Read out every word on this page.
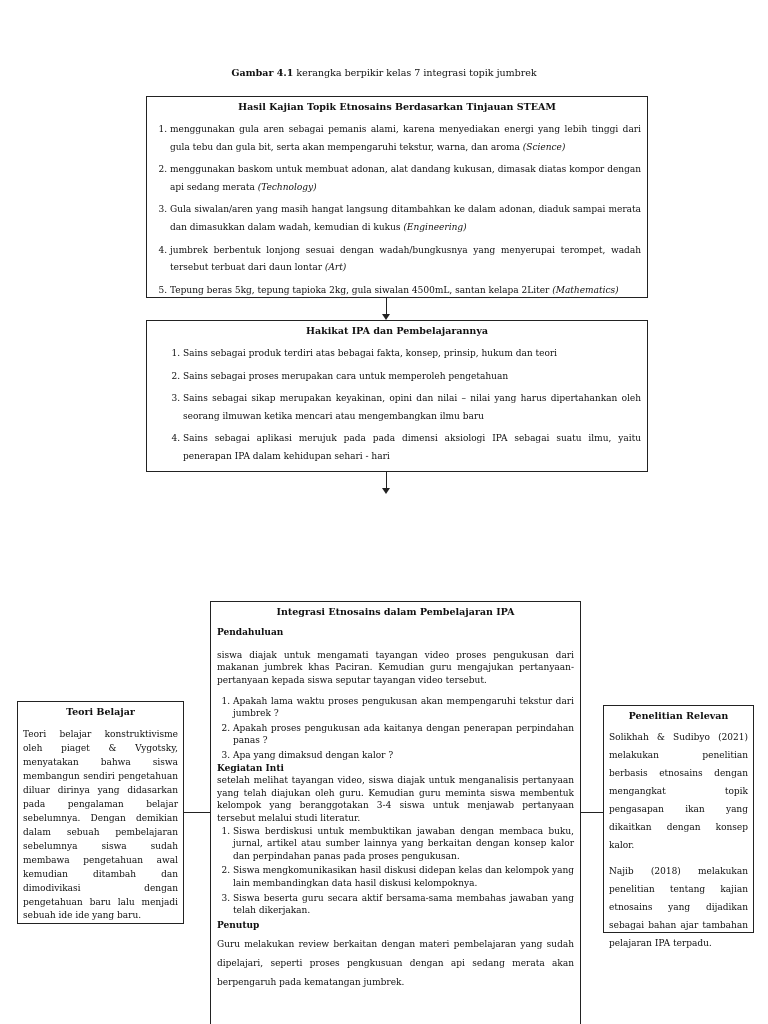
Gambar 4.1 kerangka berpikir kelas 7 integrasi topik jumbrek
Hasil Kajian Topik Etnosains Berdasarkan Tinjauan STEAM
1. menggunakan gula aren sebagai pemanis alami, karena menyediakan energi yang lebih tinggi dari gula tebu dan gula bit, serta akan mempengaruhi tekstur, warna, dan aroma (Science)
2. menggunakan baskom untuk membuat adonan, alat dandang kukusan, dimasak diatas kompor dengan api sedang merata (Technology)
3. Gula siwalan/aren yang masih hangat langsung ditambahkan ke dalam adonan, diaduk sampai merata dan dimasukkan dalam wadah, kemudian di kukus (Engineering)
4. jumbrek berbentuk lonjong sesuai dengan wadah/bungkusnya yang menyerupai terompet, wadah tersebut terbuat dari daun lontar (Art)
5. Tepung beras 5kg, tepung tapioka 2kg, gula siwalan 4500mL, santan kelapa 2Liter (Mathematics)
Hakikat IPA dan Pembelajarannya
1. Sains sebagai produk terdiri atas bebagai fakta, konsep, prinsip, hukum dan teori
2. Sains sebagai proses merupakan cara untuk memperoleh pengetahuan
3. Sains sebagai sikap merupakan keyakinan, opini dan nilai – nilai yang harus dipertahankan oleh seorang ilmuwan ketika mencari atau mengembangkan ilmu baru
4. Sains sebagai aplikasi merujuk pada pada dimensi aksiologi IPA sebagai suatu ilmu, yaitu penerapan IPA dalam kehidupan sehari - hari
Teori Belajar

Teori belajar konstruktivisme oleh piaget & Vygotsky, menyatakan bahwa siswa membangun sendiri pengetahuan diluar dirinya yang didasarkan pada pengalaman belajar sebelumnya. Dengan demikian dalam sebuah pembelajaran sebelumnya siswa sudah membawa pengetahuan awal kemudian ditambah dan dimodivikasi dengan pengetahuan baru lalu menjadi sebuah ide ide yang baru.

Integrasi Etnosains dalam Pembelajaran IPA

Pendahuluan

siswa diajak untuk mengamati tayangan video proses pengukusan dari makanan jumbrek khas Paciran. Kemudian guru mengajukan pertanyaan-pertanyaan kepada siswa seputar tayangan video tersebut.

1. Apakah lama waktu proses pengukusan akan mempengaruhi tekstur dari jumbrek ?
2. Apakah proses pengukusan ada kaitanya dengan penerapan perpindahan panas ?
3. Apa yang dimaksud dengan kalor ?

Kegiatan Inti

setelah melihat tayangan video, siswa diajak untuk menganalisis pertanyaan yang telah diajukan oleh guru. Kemudian guru meminta siswa membentuk kelompok yang beranggotakan 3-4 siswa untuk menjawab pertanyaan tersebut melalui studi literatur.

1. Siswa berdiskusi untuk membuktikan jawaban dengan membaca buku, jurnal, artikel atau sumber lainnya yang berkaitan dengan konsep kalor dan perpindahan panas pada proses pengukusan.
2. Siswa mengkomunikasikan hasil diskusi didepan kelas dan kelompok yang lain membandingkan data hasil diskusi kelompoknya.
3. Siswa beserta guru secara aktif bersama-sama membahas jawaban yang telah dikerjakan.

Penutup

Guru melakukan review berkaitan dengan materi pembelajaran yang sudah dipelajari, seperti proses pengkusuan dengan api sedang merata akan berpengaruh pada kematangan jumbrek.

Penelitian Relevan

Solikhah & Sudibyo (2021) melakukan penelitian berbasis etnosains dengan mengangkat topik pengasapan ikan yang dikaitkan dengan konsep kalor.

Najib (2018) melakukan penelitian tentang kajian etnosains yang dijadikan sebagai bahan ajar tambahan pelajaran IPA terpadu.
